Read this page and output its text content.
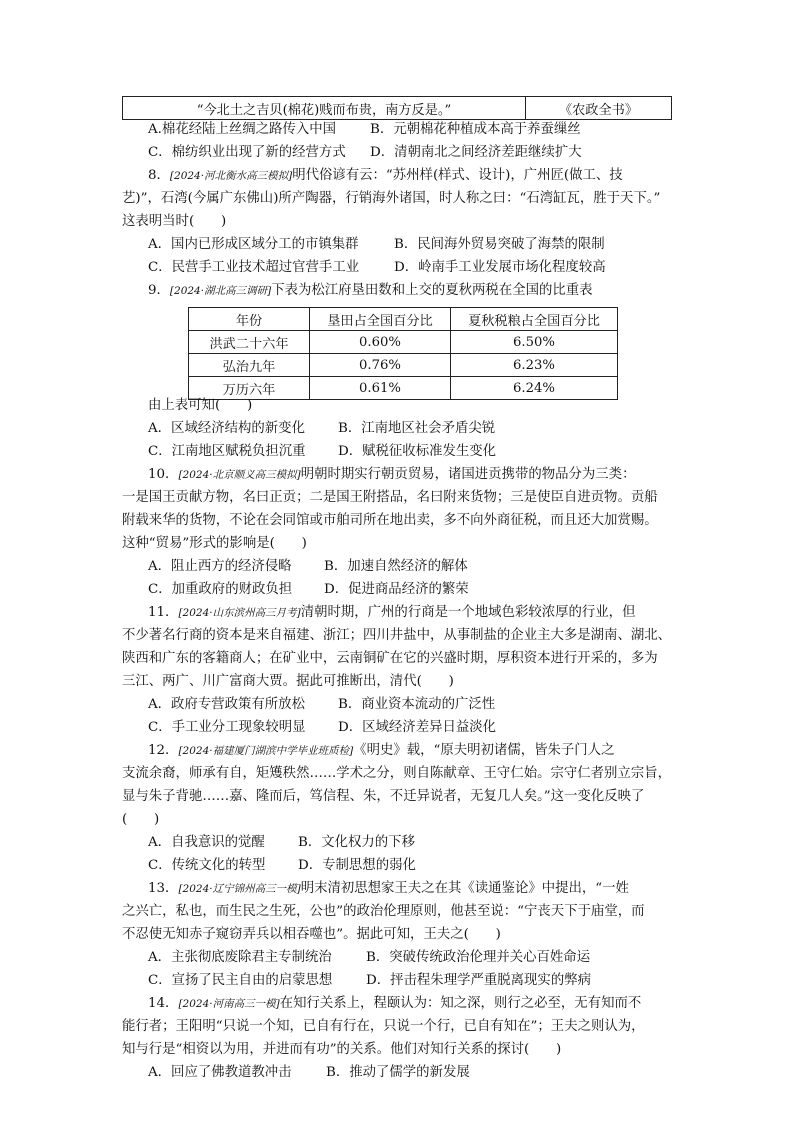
“今北土之吉贝(棉花)贱而布贵，南方反是。”	《农政全书》
A.棉花经陆上丝绸之路传入中国	B．元朝棉花种植成本高于养蚕缫丝
C．棉纺织业出现了新的经营方式 D．清朝南北之间经济差距继续扩大
8．[2024·河北衡水高三模拟]明代俗谚有云：“苏州样(样式、设计)，广州匠(做工、技
艺)”，石湾(今属广东佛山)所产陶器，行销海外诸国，时人称之曰：“石湾缸瓦，胜于天下。”
这表明当时(　　)
A．国内已形成区域分工的市镇集群	B．民间海外贸易突破了海禁的限制
C．民营手工业技术超过官营手工业	D．岭南手工业发展市场化程度较高
9．[2024·湖北高三调研]下表为松江府垦田数和上交的夏秋两税在全国的比重表
年份	垦田占全国百分比	夏秋税粮占全国百分比
洪武二十六年	0.60%	6.50%
弘治九年	0.76%	6.23%
万历六年	0.61%	6.24%
由上表可知(　　)
A．区域经济结构的新变化 B．江南地区社会矛盾尖锐
C．江南地区赋税负担沉重 D．赋税征收标准发生变化
10．[2024·北京顺义高三模拟]明朝时期实行朝贡贸易，诸国进贡携带的物品分为三类：
一是国王贡献方物，名曰正贡；二是国王附搭品，名曰附来货物；三是使臣自进贡物。贡船
附载来华的货物，不论在会同馆或市舶司所在地出卖，多不向外商征税，而且还大加赏赐。
这种“贸易”形式的影响是(　　)
A．阻止西方的经济侵略 B．加速自然经济的解体
C．加重政府的财政负担 D．促进商品经济的繁荣
11．[2024·山东滨州高三月考]清朝时期，广州的行商是一个地域色彩较浓厚的行业，但
不少著名行商的资本是来自福建、浙江；四川井盐中，从事制盐的企业主大多是湖南、湖北、
陕西和广东的客籍商人；在矿业中，云南铜矿在它的兴盛时期，厚积资本进行开采的，多为
三江、两广、川广富商大贾。据此可推断出，清代(　　)
A．政府专营政策有所放松 B．商业资本流动的广泛性
C．手工业分工现象较明显 D．区域经济差异日益淡化
12．[2024·福建厦门湖滨中学毕业班质检]《明史》载，“原夫明初诸儒，皆朱子门人之
支流余裔，师承有自，矩矱秩然……学术之分，则自陈献章、王守仁始。宗守仁者别立宗旨，
显与朱子背驰……嘉、隆而后，笃信程、朱，不迁异说者，无复几人矣。”这一变化反映了
(　　)
A．自我意识的觉醒 B．文化权力的下移
C．传统文化的转型 D．专制思想的弱化
13．[2024·辽宁锦州高三一模]明末清初思想家王夫之在其《读通鉴论》中提出，“一姓
之兴亡，私也，而生民之生死，公也”的政治伦理原则，他甚至说：“宁丧天下于庙堂，而
不忍使无知赤子窥窃弄兵以相吞噬也”。据此可知，王夫之(　　)
A．主张彻底废除君主专制统治	B．突破传统政治伦理并关心百姓命运
C．宣扬了民主自由的启蒙思想	D．抨击程朱理学严重脱离现实的弊病
14．[2024·河南高三一模]在知行关系上，程颐认为：知之深，则行之必至，无有知而不
能行者；王阳明“只说一个知，已自有行在，只说一个行，已自有知在”；王夫之则认为，
知与行是“相资以为用，并进而有功”的关系。他们对知行关系的探讨(　　)
A．回应了佛教道教冲击	B．推动了儒学的新发展
